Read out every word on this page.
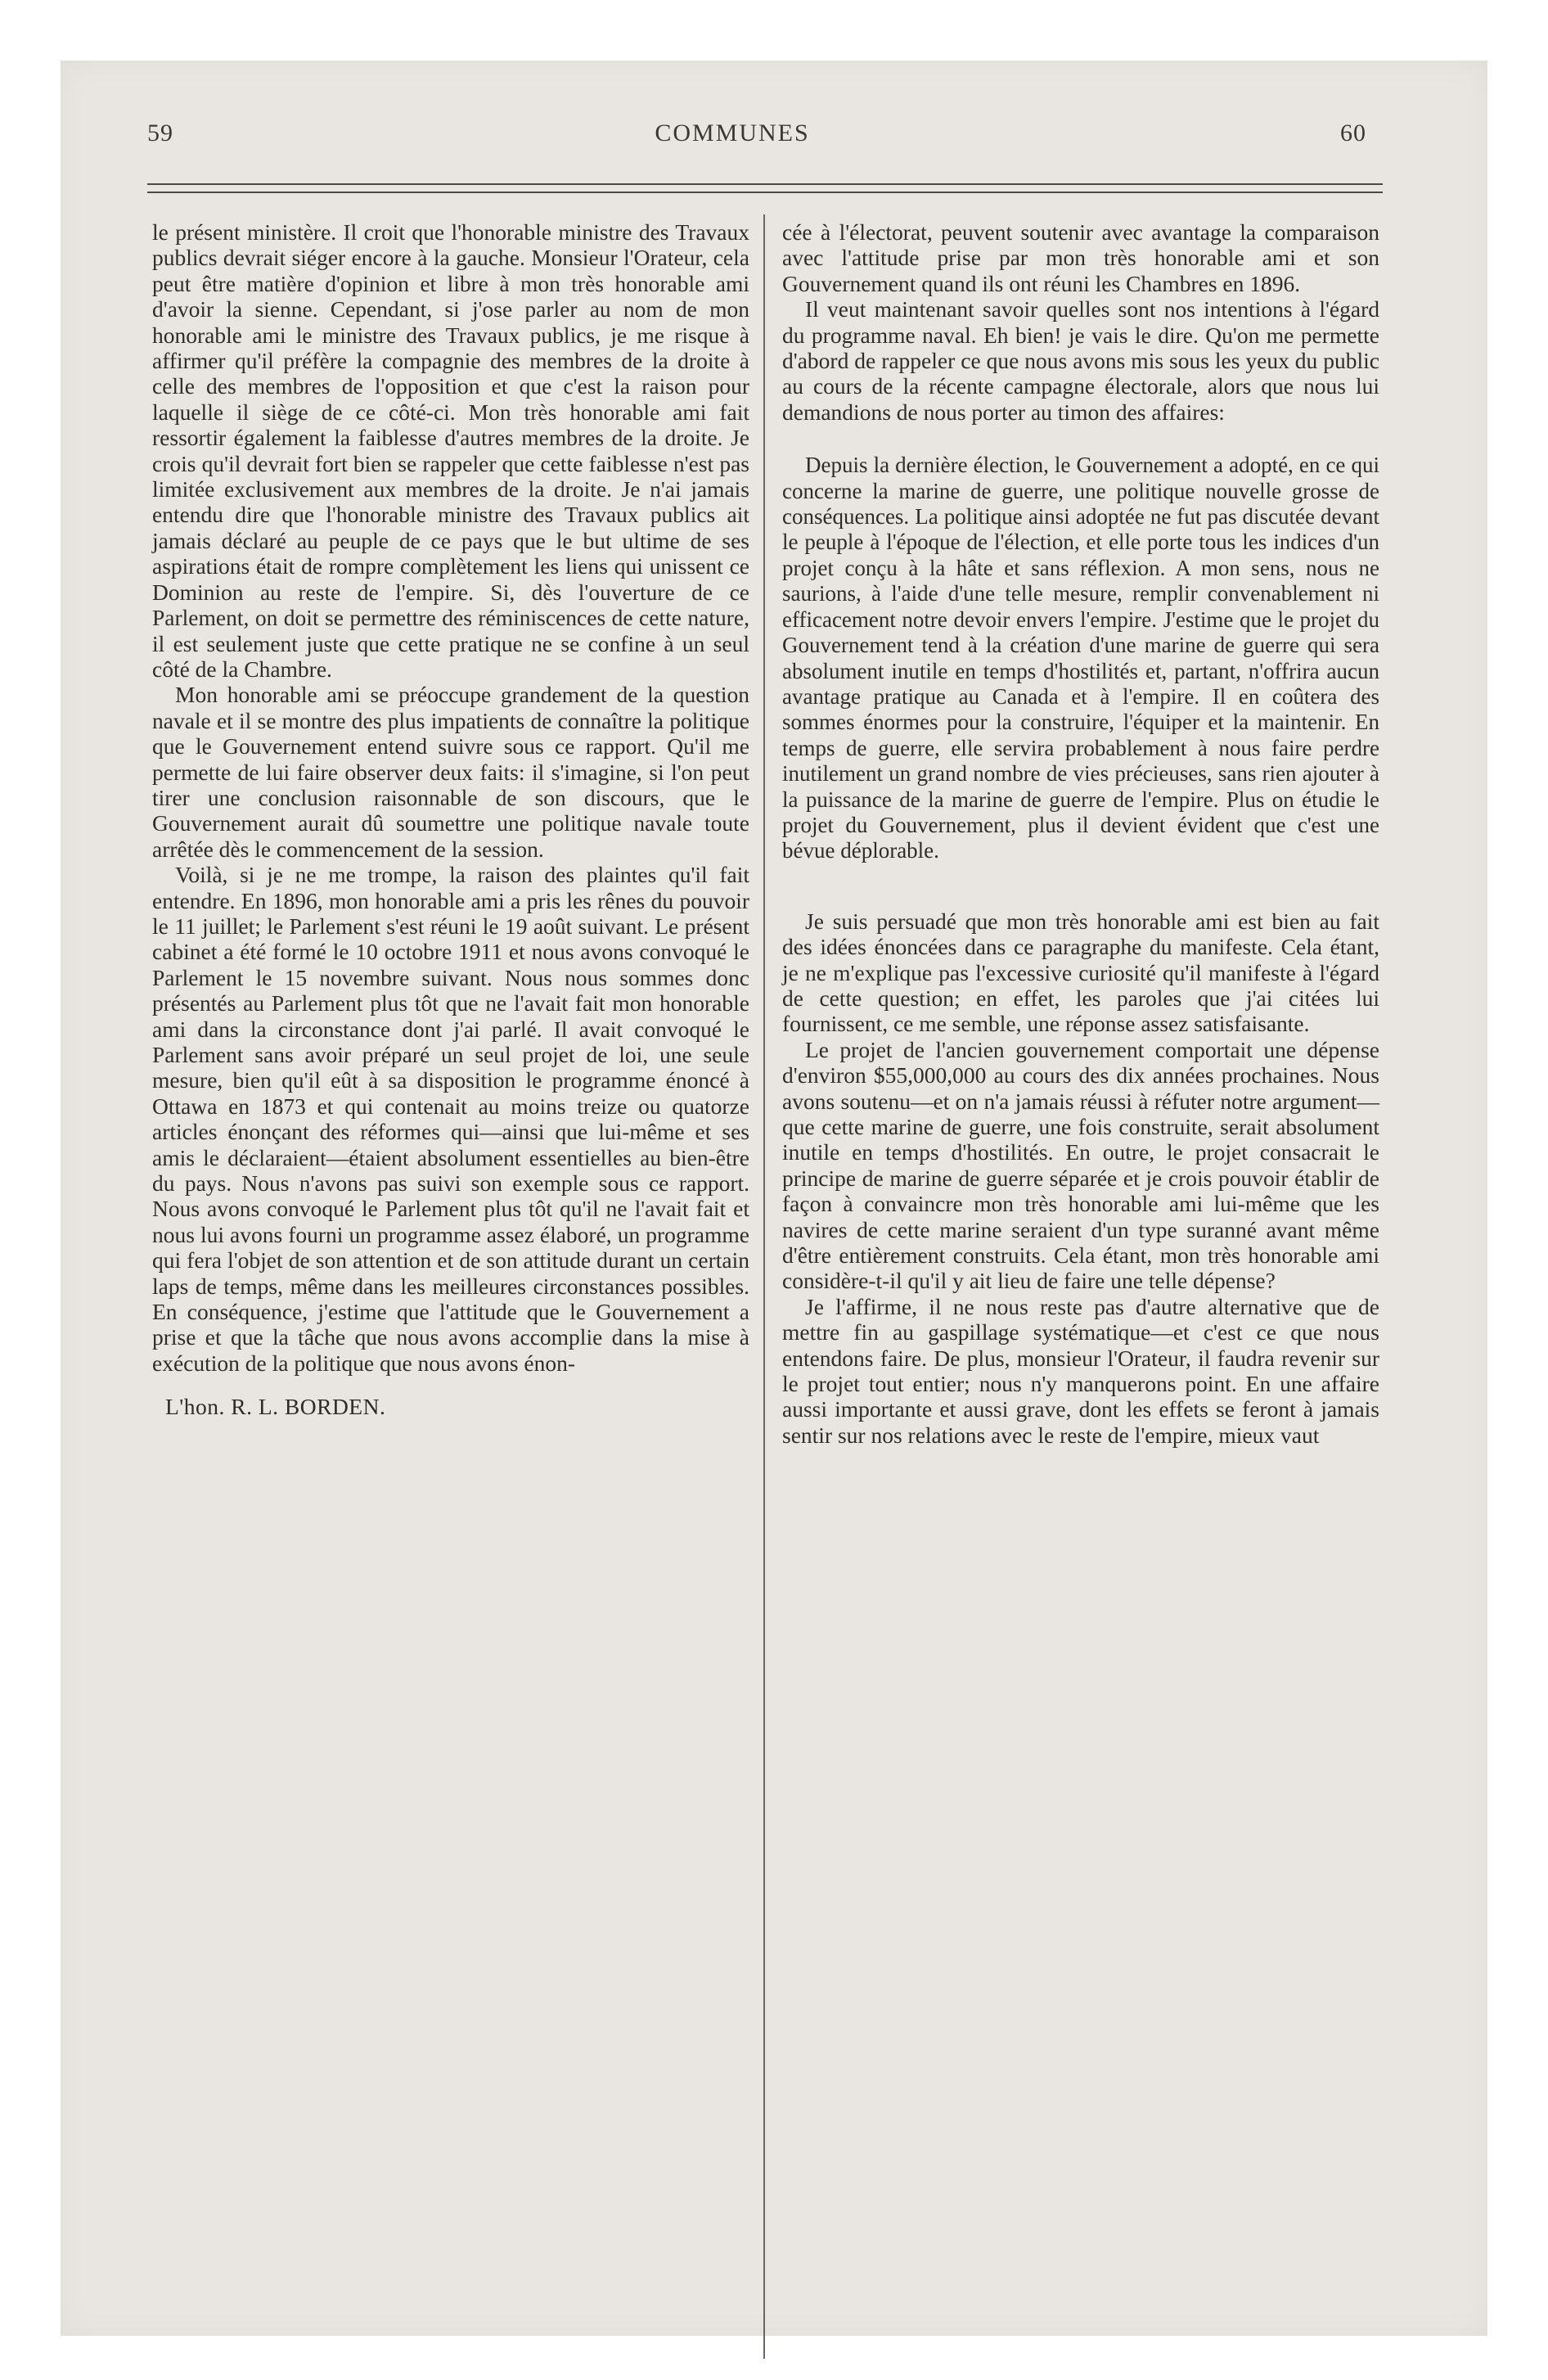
59	COMMUNES	60

le présent ministère. Il croit que l'honorable ministre des Travaux publics devrait siéger encore à la gauche. Monsieur l'Orateur, cela peut être matière d'opinion et libre à mon très honorable ami d'avoir la sienne. Cependant, si j'ose parler au nom de mon honorable ami le ministre des Travaux publics, je me risque à affirmer qu'il préfère la compagnie des membres de la droite à celle des membres de l'opposition et que c'est la raison pour laquelle il siège de ce côté-ci. Mon très honorable ami fait ressortir également la faiblesse d'autres membres de la droite. Je crois qu'il devrait fort bien se rappeler que cette faiblesse n'est pas limitée exclusivement aux membres de la droite. Je n'ai jamais entendu dire que l'honorable ministre des Travaux publics ait jamais déclaré au peuple de ce pays que le but ultime de ses aspirations était de rompre complètement les liens qui unissent ce Dominion au reste de l'empire. Si, dès l'ouverture de ce Parlement, on doit se permettre des réminiscences de cette nature, il est seulement juste que cette pratique ne se confine à un seul côté de la Chambre.

Mon honorable ami se préoccupe grandement de la question navale et il se montre des plus impatients de connaître la politique que le Gouvernement entend suivre sous ce rapport. Qu'il me permette de lui faire observer deux faits: il s'imagine, si l'on peut tirer une conclusion raisonnable de son discours, que le Gouvernement aurait dû soumettre une politique navale toute arrêtée dès le commencement de la session.

Voilà, si je ne me trompe, la raison des plaintes qu'il fait entendre. En 1896, mon honorable ami a pris les rênes du pouvoir le 11 juillet; le Parlement s'est réuni le 19 août suivant. Le présent cabinet a été formé le 10 octobre 1911 et nous avons convoqué le Parlement le 15 novembre suivant. Nous nous sommes donc présentés au Parlement plus tôt que ne l'avait fait mon honorable ami dans la circonstance dont j'ai parlé. Il avait convoqué le Parlement sans avoir préparé un seul projet de loi, une seule mesure, bien qu'il eût à sa disposition le programme énoncé à Ottawa en 1873 et qui contenait au moins treize ou quatorze articles énonçant des réformes qui—ainsi que lui-même et ses amis le déclaraient—étaient absolument essentielles au bien-être du pays. Nous n'avons pas suivi son exemple sous ce rapport. Nous avons convoqué le Parlement plus tôt qu'il ne l'avait fait et nous lui avons fourni un programme assez élaboré, un programme qui fera l'objet de son attention et de son attitude durant un certain laps de temps, même dans les meilleures circonstances possibles. En conséquence, j'estime que l'attitude que le Gouvernement a prise et que la tâche que nous avons accomplie dans la mise à exécution de la politique que nous avons énon-

L'hon. R. L. BORDEN.

cée à l'électorat, peuvent soutenir avec avantage la comparaison avec l'attitude prise par mon très honorable ami et son Gouvernement quand ils ont réuni les Chambres en 1896.

Il veut maintenant savoir quelles sont nos intentions à l'égard du programme naval. Eh bien! je vais le dire. Qu'on me permette d'abord de rappeler ce que nous avons mis sous les yeux du public au cours de la récente campagne électorale, alors que nous lui demandions de nous porter au timon des affaires:

Depuis la dernière élection, le Gouvernement a adopté, en ce qui concerne la marine de guerre, une politique nouvelle grosse de conséquences. La politique ainsi adoptée ne fut pas discutée devant le peuple à l'époque de l'élection, et elle porte tous les indices d'un projet conçu à la hâte et sans réflexion. A mon sens, nous ne saurions, à l'aide d'une telle mesure, remplir convenablement ni efficacement notre devoir envers l'empire. J'estime que le projet du Gouvernement tend à la création d'une marine de guerre qui sera absolument inutile en temps d'hostilités et, partant, n'offrira aucun avantage pratique au Canada et à l'empire. Il en coûtera des sommes énormes pour la construire, l'équiper et la maintenir. En temps de guerre, elle servira probablement à nous faire perdre inutilement un grand nombre de vies précieuses, sans rien ajouter à la puissance de la marine de guerre de l'empire. Plus on étudie le projet du Gouvernement, plus il devient évident que c'est une bévue déplorable.

Je suis persuadé que mon très honorable ami est bien au fait des idées énoncées dans ce paragraphe du manifeste. Cela étant, je ne m'explique pas l'excessive curiosité qu'il manifeste à l'égard de cette question; en effet, les paroles que j'ai citées lui fournissent, ce me semble, une réponse assez satisfaisante.

Le projet de l'ancien gouvernement comportait une dépense d'environ $55,000,000 au cours des dix années prochaines. Nous avons soutenu—et on n'a jamais réussi à réfuter notre argument—que cette marine de guerre, une fois construite, serait absolument inutile en temps d'hostilités. En outre, le projet consacrait le principe de marine de guerre séparée et je crois pouvoir établir de façon à convaincre mon très honorable ami lui-même que les navires de cette marine seraient d'un type suranné avant même d'être entièrement construits. Cela étant, mon très honorable ami considère-t-il qu'il y ait lieu de faire une telle dépense?

Je l'affirme, il ne nous reste pas d'autre alternative que de mettre fin au gaspillage systématique—et c'est ce que nous entendons faire. De plus, monsieur l'Orateur, il faudra revenir sur le projet tout entier; nous n'y manquerons point. En une affaire aussi importante et aussi grave, dont les effets se feront à jamais sentir sur nos relations avec le reste de l'empire, mieux vaut
